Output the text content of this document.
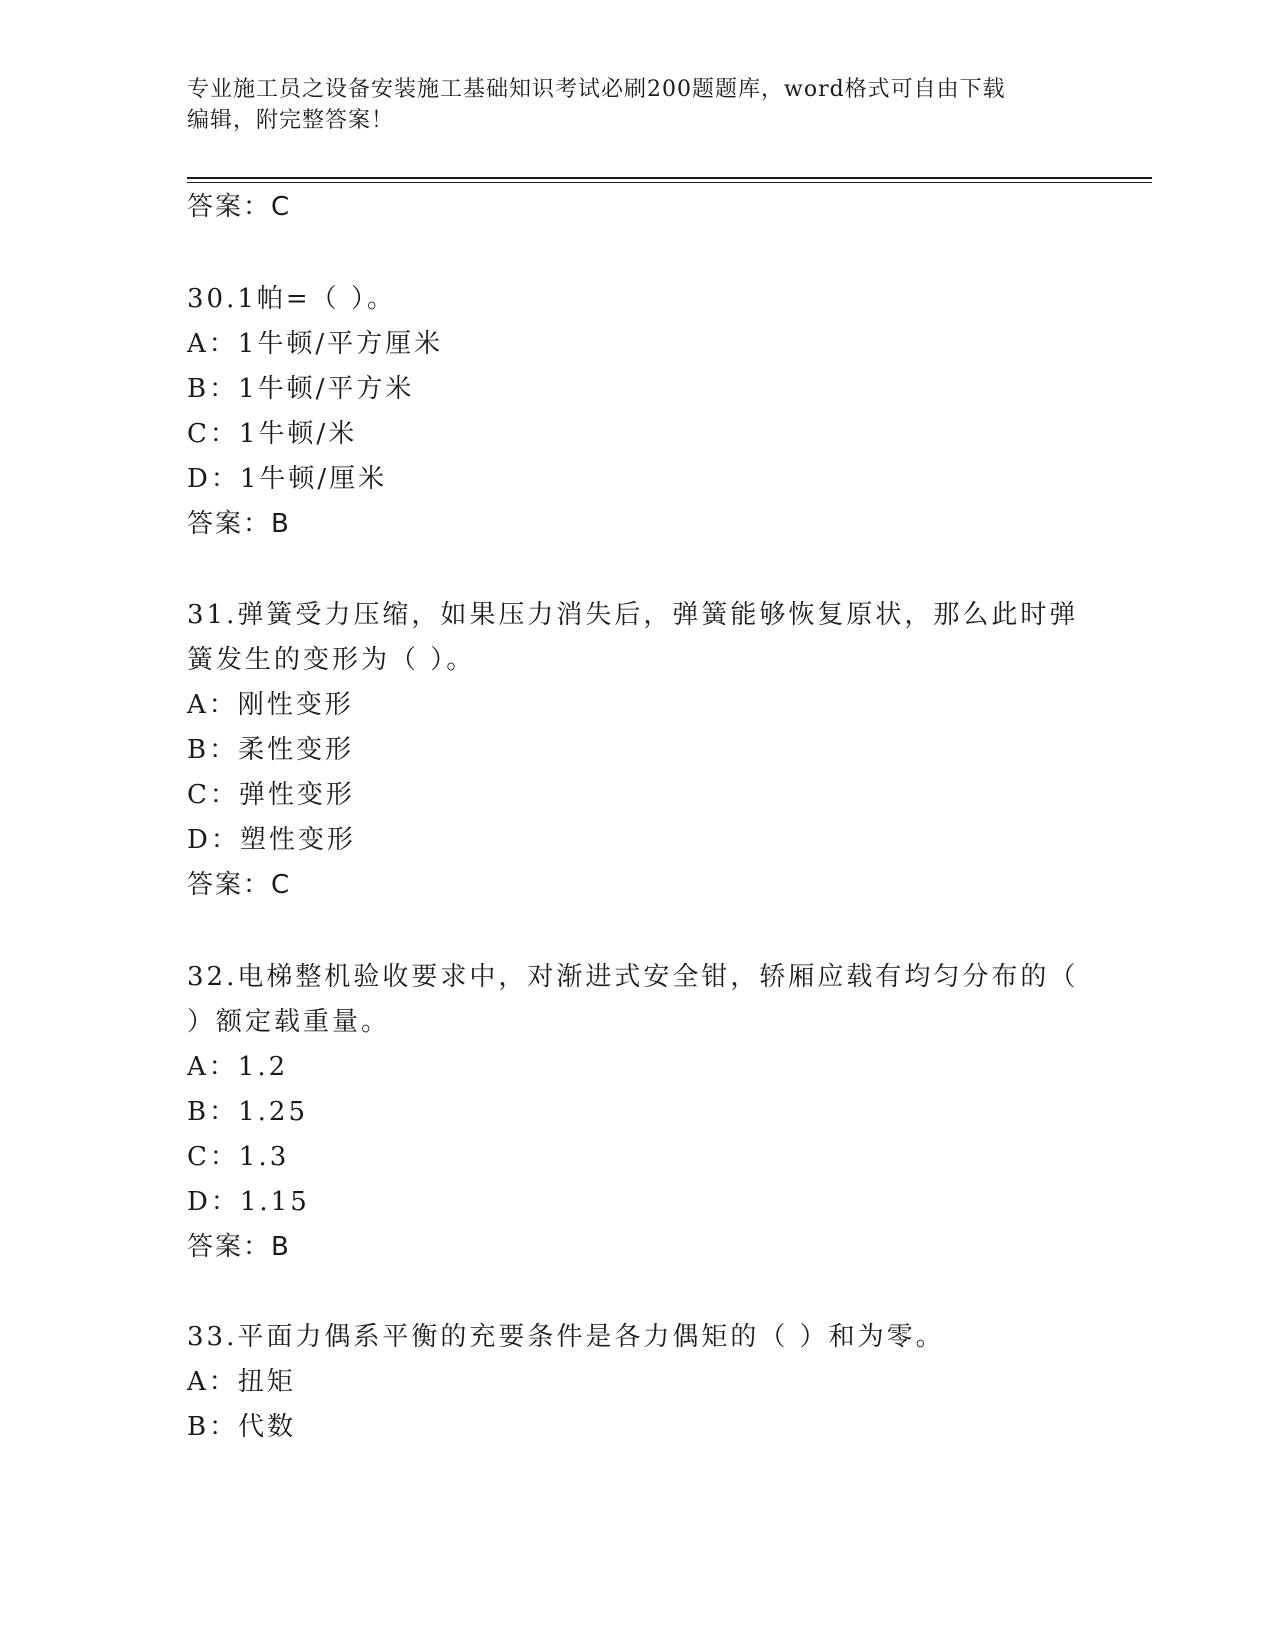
专业施工员之设备安装施工基础知识考试必刷200题题库，word格式可自由下载
编辑，附完整答案！
答案：C
30.1帕=（ ）。
A：1牛顿/平方厘米
B：1牛顿/平方米
C：1牛顿/米
D：1牛顿/厘米
答案：B
31.弹簧受力压缩，如果压力消失后，弹簧能够恢复原状，那么此时弹
簧发生的变形为（ ）。
A：刚性变形
B：柔性变形
C：弹性变形
D：塑性变形
答案：C
32.电梯整机验收要求中，对渐进式安全钳，轿厢应载有均匀分布的（
）额定载重量。
A：1.2
B：1.25
C：1.3
D：1.15
答案：B
33.平面力偶系平衡的充要条件是各力偶矩的（ ）和为零。
A：扭矩
B：代数
